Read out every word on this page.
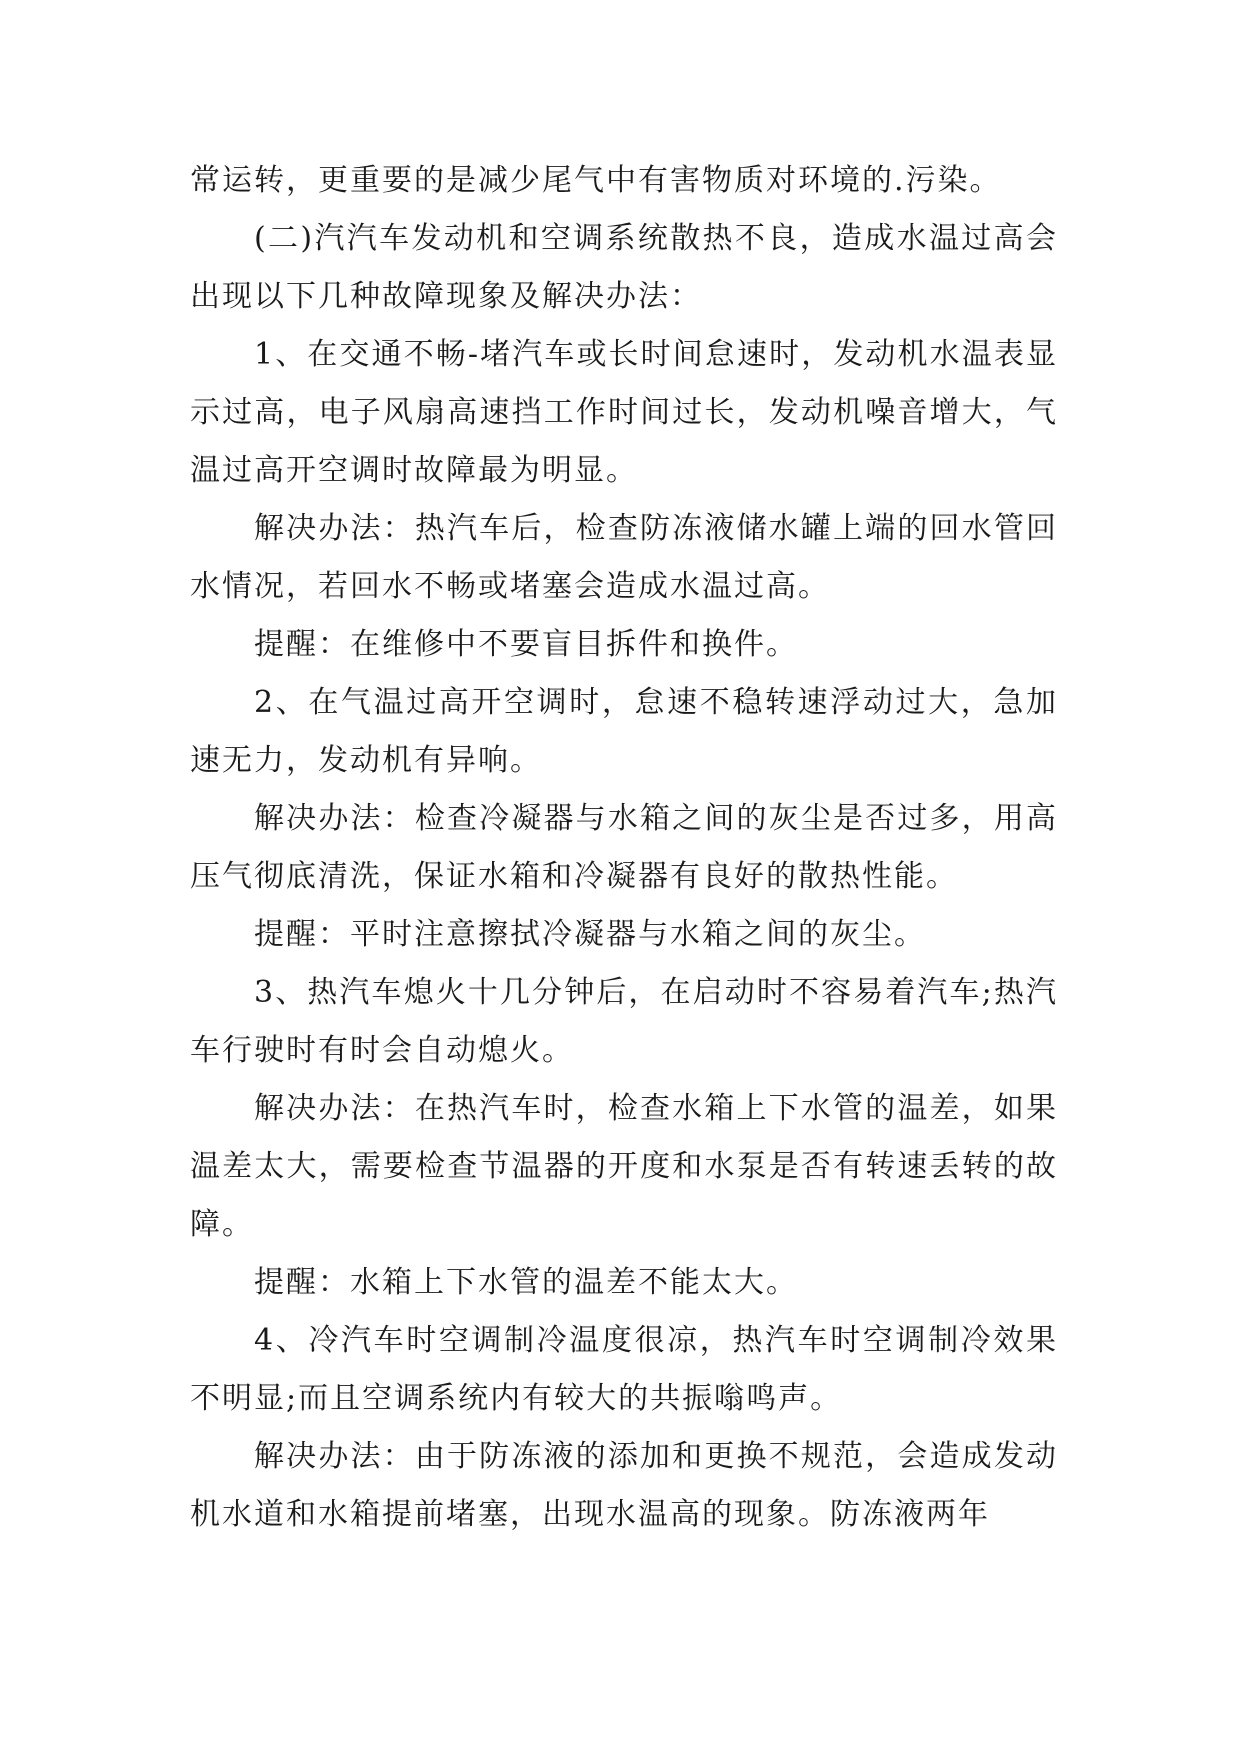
常运转，更重要的是减少尾气中有害物质对环境的.污染。

(二)汽汽车发动机和空调系统散热不良，造成水温过高会出现以下几种故障现象及解决办法：

1、在交通不畅-堵汽车或长时间怠速时，发动机水温表显示过高，电子风扇高速挡工作时间过长，发动机噪音增大，气温过高开空调时故障最为明显。

解决办法：热汽车后，检查防冻液储水罐上端的回水管回水情况，若回水不畅或堵塞会造成水温过高。

提醒：在维修中不要盲目拆件和换件。

2、在气温过高开空调时，怠速不稳转速浮动过大，急加速无力，发动机有异响。

解决办法：检查冷凝器与水箱之间的灰尘是否过多，用高压气彻底清洗，保证水箱和冷凝器有良好的散热性能。

提醒：平时注意擦拭冷凝器与水箱之间的灰尘。

3、热汽车熄火十几分钟后，在启动时不容易着汽车;热汽车行驶时有时会自动熄火。

解决办法：在热汽车时，检查水箱上下水管的温差，如果温差太大，需要检查节温器的开度和水泵是否有转速丢转的故障。

提醒：水箱上下水管的温差不能太大。

4、冷汽车时空调制冷温度很凉，热汽车时空调制冷效果不明显;而且空调系统内有较大的共振嗡鸣声。

解决办法：由于防冻液的添加和更换不规范，会造成发动机水道和水箱提前堵塞，出现水温高的现象。防冻液两年
